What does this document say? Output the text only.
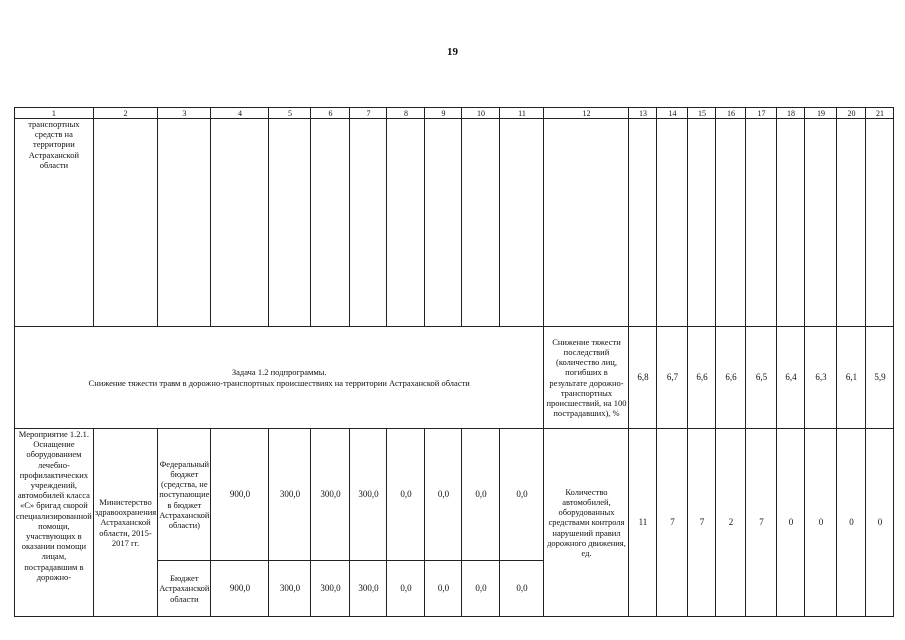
19
1	2	3	4	5	6	7	8	9	10	11	12	13	14	15	16	17	18	19	20	21
транспортных средств на территории Астраханской области																				

Задача 1.2 подпрограммы.
Снижение тяжести травм в дорожно-транспортных происшествиях на территории Астраханской области											Снижение тяжести последствий (количество лиц, погибших в результате дорожно-транспортных происшествий, на 100 пострадавших), %	6,8	6,7	6,6	6,6	6,5	6,4	6,3	6,1	5,9
Мероприятие 1.2.1. Оснащение оборудованием лечебно-профилактических учреждений, автомобилей класса «С» бригад скорой специализированной помощи, участвующих в оказании помощи лицам, пострадавшим в дорожно-	Министерство здравоохранения Астраханской области, 2015-2017 гг.	Федеральный бюджет (средства, не поступающие в бюджет Астраханской области)	900,0	300,0	300,0	300,0	0,0	0,0	0,0	0,0	Количество автомобилей, оборудованных средствами контроля нарушений правил дорожного движения, ед.	11	7	7	2	7	0	0	0	0
		Бюджет Астраханской области	900,0	300,0	300,0	300,0	0,0	0,0	0,0	0,0										
